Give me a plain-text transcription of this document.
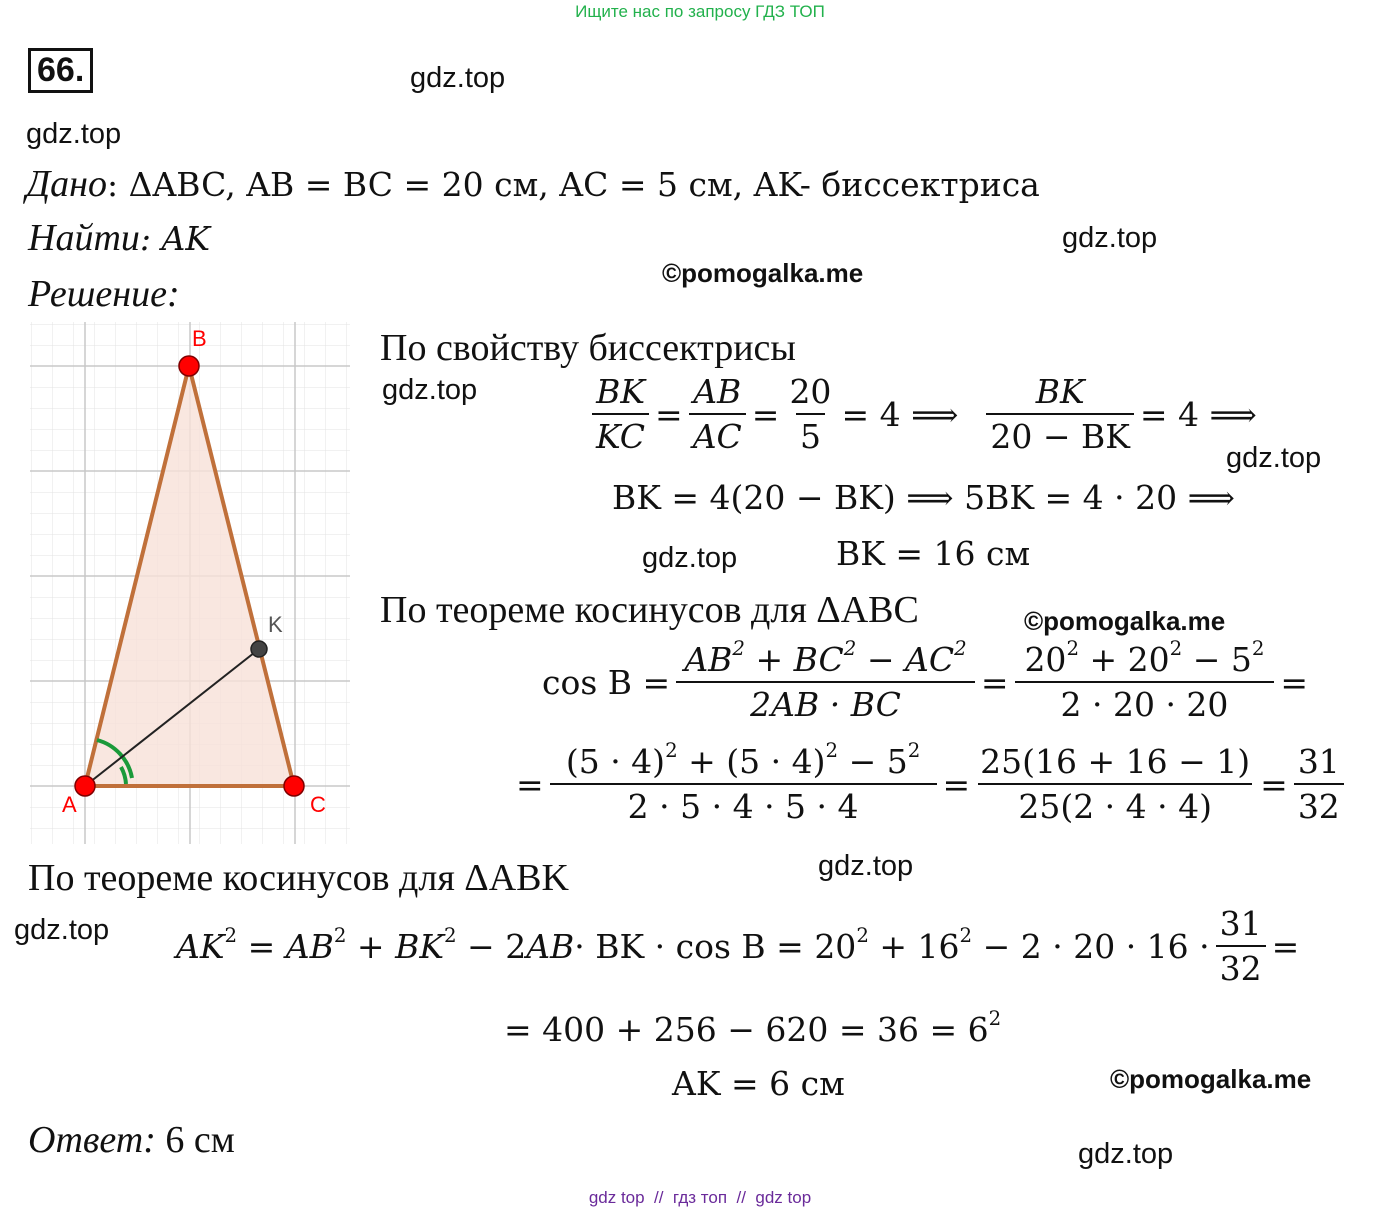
Ищите нас по запросу ГДЗ ТОП
66.	gdz.top
gdz.top
gdz.top
gdz.top
gdz.top
gdz.top
gdz.top
gdz.top
gdz.top
©pomogalka.me
©pomogalka.me
©pomogalka.me
Дано: ΔABC, AB = BC = 20 см, AC = 5 см, AK- биссектриса
Найти: AK
Решение:
A
B
C
K
По свойству биссектрисы
$\frac{BK}{KC} = \frac{AB}{AC} = \frac{20}{5} = 4$ ⟹ $\frac{BK}{20 - BK} = 4$ ⟹
BK = 4(20 − BK) ⟹ 5BK = 4 · 20 ⟹
BK = 16 см
По теореме косинусов для ΔABC
$\cos B = \frac{AB^2 + BC^2 - AC^2}{2AB \cdot BC} = \frac{20^2 + 20^2 - 5^2}{2 \cdot 20 \cdot 20}$ =
= $\frac{(5 \cdot 4)^2 + (5 \cdot 4)^2 - 5^2}{2 \cdot 5 \cdot 4 \cdot 5 \cdot 4} = \frac{25(16 + 16 - 1)}{25(2 \cdot 4 \cdot 4)} = \frac{31}{32}$
По теореме косинусов для ΔABK
$AK^2 = AB^2 + BK^2 - 2AB$ · BK · $\cos B = 20^2 + 16^2 - 2 \cdot 20 \cdot 16 \cdot \frac{31}{32}$ =
= $400 + 256 - 620 = 36 = 6^2$
AK = 6 см
Ответ: 6 см
gdz top  //  гдз топ  //  gdz top
